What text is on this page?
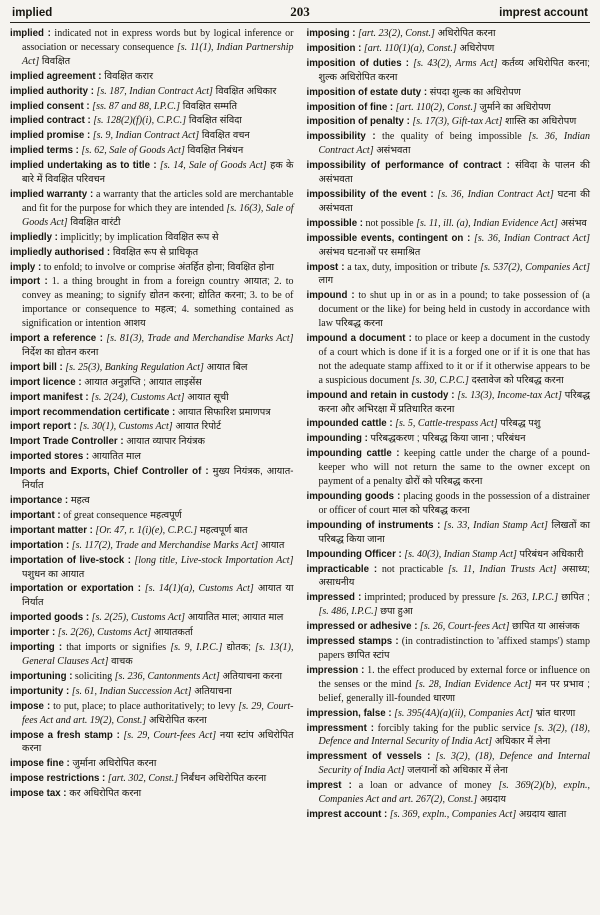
implied	203	imprest account

implied : indicated not in express words but by logical inference or association or necessary consequence [s. 11(1), Indian Partnership Act] विवक्षित

implied agreement : विवक्षित करार

implied authority : [s. 187, Indian Contract Act] विवक्षित अधिकार

implied consent : [ss. 87 and 88, I.P.C.] विवक्षित सम्मति

implied contract : [s. 128(2)(f)(i), C.P.C.] विवक्षित संविदा

implied promise : [s. 9, Indian Contract Act] विवक्षित वचन

implied terms : [s. 62, Sale of Goods Act] विवक्षित निबंधन

implied undertaking as to title : [s. 14, Sale of Goods Act] हक के बारे में विवक्षित परिवचन

implied warranty : a warranty that the articles sold are merchantable and fit for the purpose for which they are intended [s. 16(3), Sale of Goods Act] विवक्षित वारंटी

impliedly : implicitly; by implication विवक्षित रूप से

impliedly authorised : विवक्षित रूप से प्राधिकृत

imply : to enfold; to involve or comprise अंतर्हित होना; विवक्षित होना

import : 1. a thing brought in from a foreign country आयात; 2. to convey as meaning; to signify द्योतन करना; द्योतित करना; 3. to be of importance or consequence to महत्व; 4. something contained as signification or intention आशय

import a reference : [s. 81(3), Trade and Merchandise Marks Act] निर्देश का द्योतन करना

import bill : [s. 25(3), Banking Regulation Act] आयात बिल

import licence : आयात अनुज्ञप्ति ; आयात लाइसेंस

import manifest : [s. 2(24), Customs Act] आयात सूची

import recommendation certificate : आयात सिफारिश प्रमाणपत्र

import report : [s. 30(1), Customs Act] आयात रिपोर्ट

Import Trade Controller : आयात व्यापार नियंत्रक

imported stores : आयातित माल

Imports and Exports, Chief Controller of : मुख्य नियंत्रक, आयात-निर्यात

importance : महत्व

important : of great consequence महत्वपूर्ण

important matter : [Or. 47, r. 1(i)(e), C.P.C.] महत्वपूर्ण बात

importation : [s. 117(2), Trade and Merchandise Marks Act] आयात

importation of live-stock : [long title, Live-stock Importation Act] पशुधन का आयात

importation or exportation : [s. 14(1)(a), Customs Act] आयात या निर्यात

imported goods : [s. 2(25), Customs Act] आयातित माल; आयात माल

importer : [s. 2(26), Customs Act] आयातकर्ता

importing : that imports or signifies [s. 9, I.P.C.] द्योतक; [s. 13(1), General Clauses Act] वाचक

importuning : soliciting [s. 236, Cantonments Act] अतियाचना करना

importunity : [s. 61, Indian Succession Act] अतियाचना

impose : to put, place; to place authoritatively; to levy [s. 29, Court-fees Act and art. 19(2), Const.] अधिरोपित करना

impose a fresh stamp : [s. 29, Court-fees Act] नया स्टांप अधिरोपित करना

impose fine : जुर्माना अधिरोपित करना

impose restrictions : [art. 302, Const.] निर्बंधन अधिरोपित करना

impose tax : कर अधिरोपित करना

imposing : [art. 23(2), Const.] अधिरोपित करना

imposition : [art. 110(1)(a), Const.] अधिरोपण

imposition of duties : [s. 43(2), Arms Act] कर्तव्य अधिरोपित करना; शुल्क अधिरोपित करना

imposition of estate duty : संपदा शुल्क का अधिरोपण

imposition of fine : [art. 110(2), Const.] जुर्माने का अधिरोपण

imposition of penalty : [s. 17(3), Gift-tax Act] शास्ति का अधिरोपण

impossibility : the quality of being impossible [s. 36, Indian Contract Act] असंभवता

impossibility of performance of contract : संविदा के पालन की असंभवता

impossibility of the event : [s. 36, Indian Contract Act] घटना की असंभवता

impossible : not possible [s. 11, ill. (a), Indian Evidence Act] असंभव

impossible events, contingent on : [s. 36, Indian Contract Act] असंभव घटनाओं पर समाश्रित

impost : a tax, duty, imposition or tribute [s. 537(2), Companies Act] लाग

impound : to shut up in or as in a pound; to take possession of (a document or the like) for being held in custody in accordance with law परिबद्ध करना

impound a document : to place or keep a document in the custody of a court which is done if it is a forged one or if it is one that has not the adequate stamp affixed to it or if it otherwise appears to be a suspicious document [s. 30, C.P.C.] दस्तावेज को परिबद्ध करना

impound and retain in custody : [s. 13(3), Income-tax Act] परिबद्ध करना और अभिरक्षा में प्रतिधारित करना

impounded cattle : [s. 5, Cattle-trespass Act] परिबद्ध पशु

impounding : परिबद्धकरण ; परिबद्ध किया जाना ; परिबंधन

impounding cattle : keeping cattle under the charge of a pound-keeper who will not return the same to the owner except on payment of a penalty ढोरों को परिबद्ध करना

impounding goods : placing goods in the possession of a distrainer or officer of court माल को परिबद्ध करना

impounding of instruments : [s. 33, Indian Stamp Act] लिखतों का परिबद्ध किया जाना

Impounding Officer : [s. 40(3), Indian Stamp Act] परिबंधन अधिकारी

impracticable : not practicable [s. 11, Indian Trusts Act] असाध्य; असाधनीय

impressed : imprinted; produced by pressure [s. 263, I.P.C.] छापित ; [s. 486, I.P.C.] छपा हुआ

impressed or adhesive : [s. 26, Court-fees Act] छापित या आसंजक

impressed stamps : (in contradistinction to 'affixed stamps') stamp papers छापित स्टांप

impression : 1. the effect produced by external force or influence on the senses or the mind [s. 28, Indian Evidence Act] मन पर प्रभाव ; belief, generally ill-founded धारणा

impression, false : [s. 395(4A)(a)(ii), Companies Act] भ्रांत धारणा

impressment : forcibly taking for the public service [s. 3(2), (18), Defence and Internal Security of India Act] अधिकार में लेना

impressment of vessels : [s. 3(2), (18), Defence and Internal Security of India Act] जलयानों को अधिकार में लेना

imprest : a loan or advance of money [s. 369(2)(b), expln., Companies Act and art. 267(2), Const.] अग्रदाय

imprest account : [s. 369, expln., Companies Act] अग्रदाय खाता
